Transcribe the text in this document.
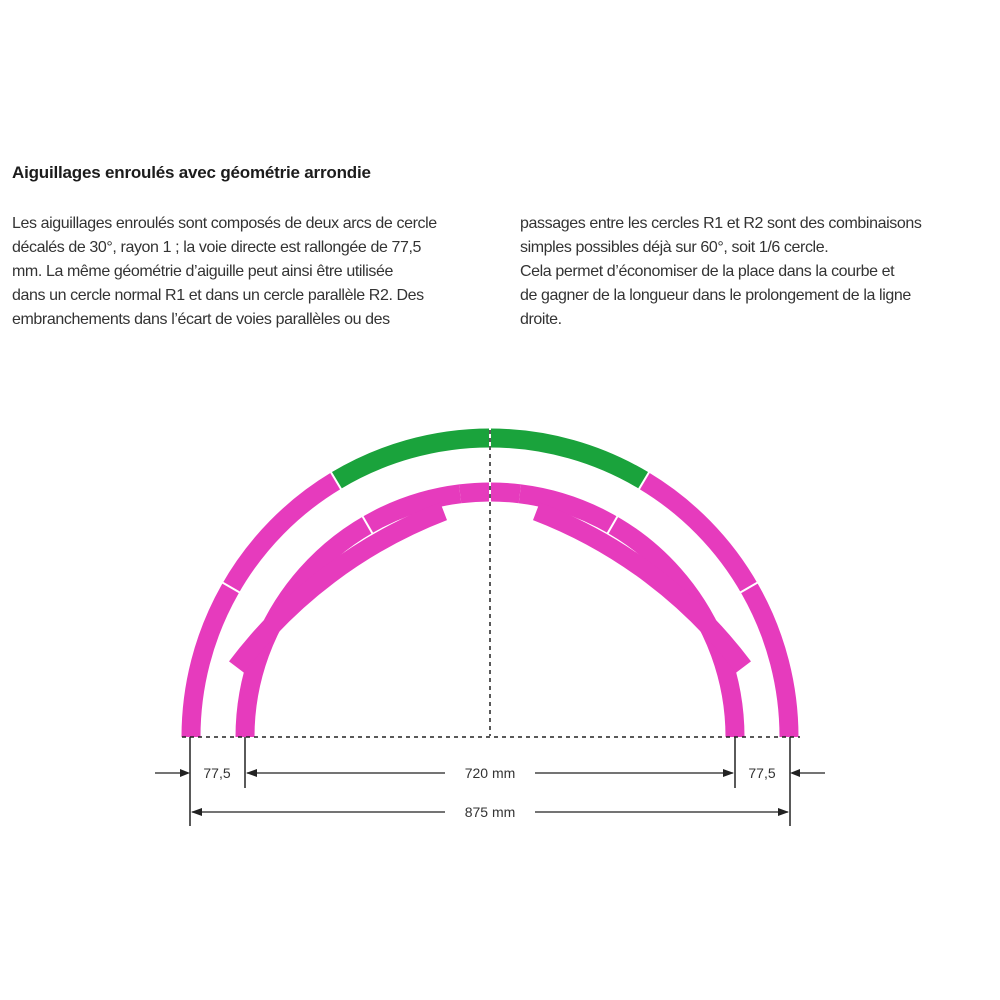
Aiguillages enroulés avec géométrie arrondie
Les aiguillages enroulés sont composés de deux arcs de cercle
décalés de 30°, rayon 1 ; la voie directe est rallongée de 77,5
mm. La même géométrie d’aiguille peut ainsi être utilisée
dans un cercle normal R1 et dans un cercle parallèle R2. Des
embranchements dans l’écart de voies parallèles ou des
passages entre les cercles R1 et R2 sont des combinaisons
simples possibles déjà sur 60°, soit 1/6 cercle.
Cela permet d’économiser de la place dans la courbe et
de gagner de la longueur dans le prolongement de la ligne
droite.
77,5	720 mm	77,5
875 mm
